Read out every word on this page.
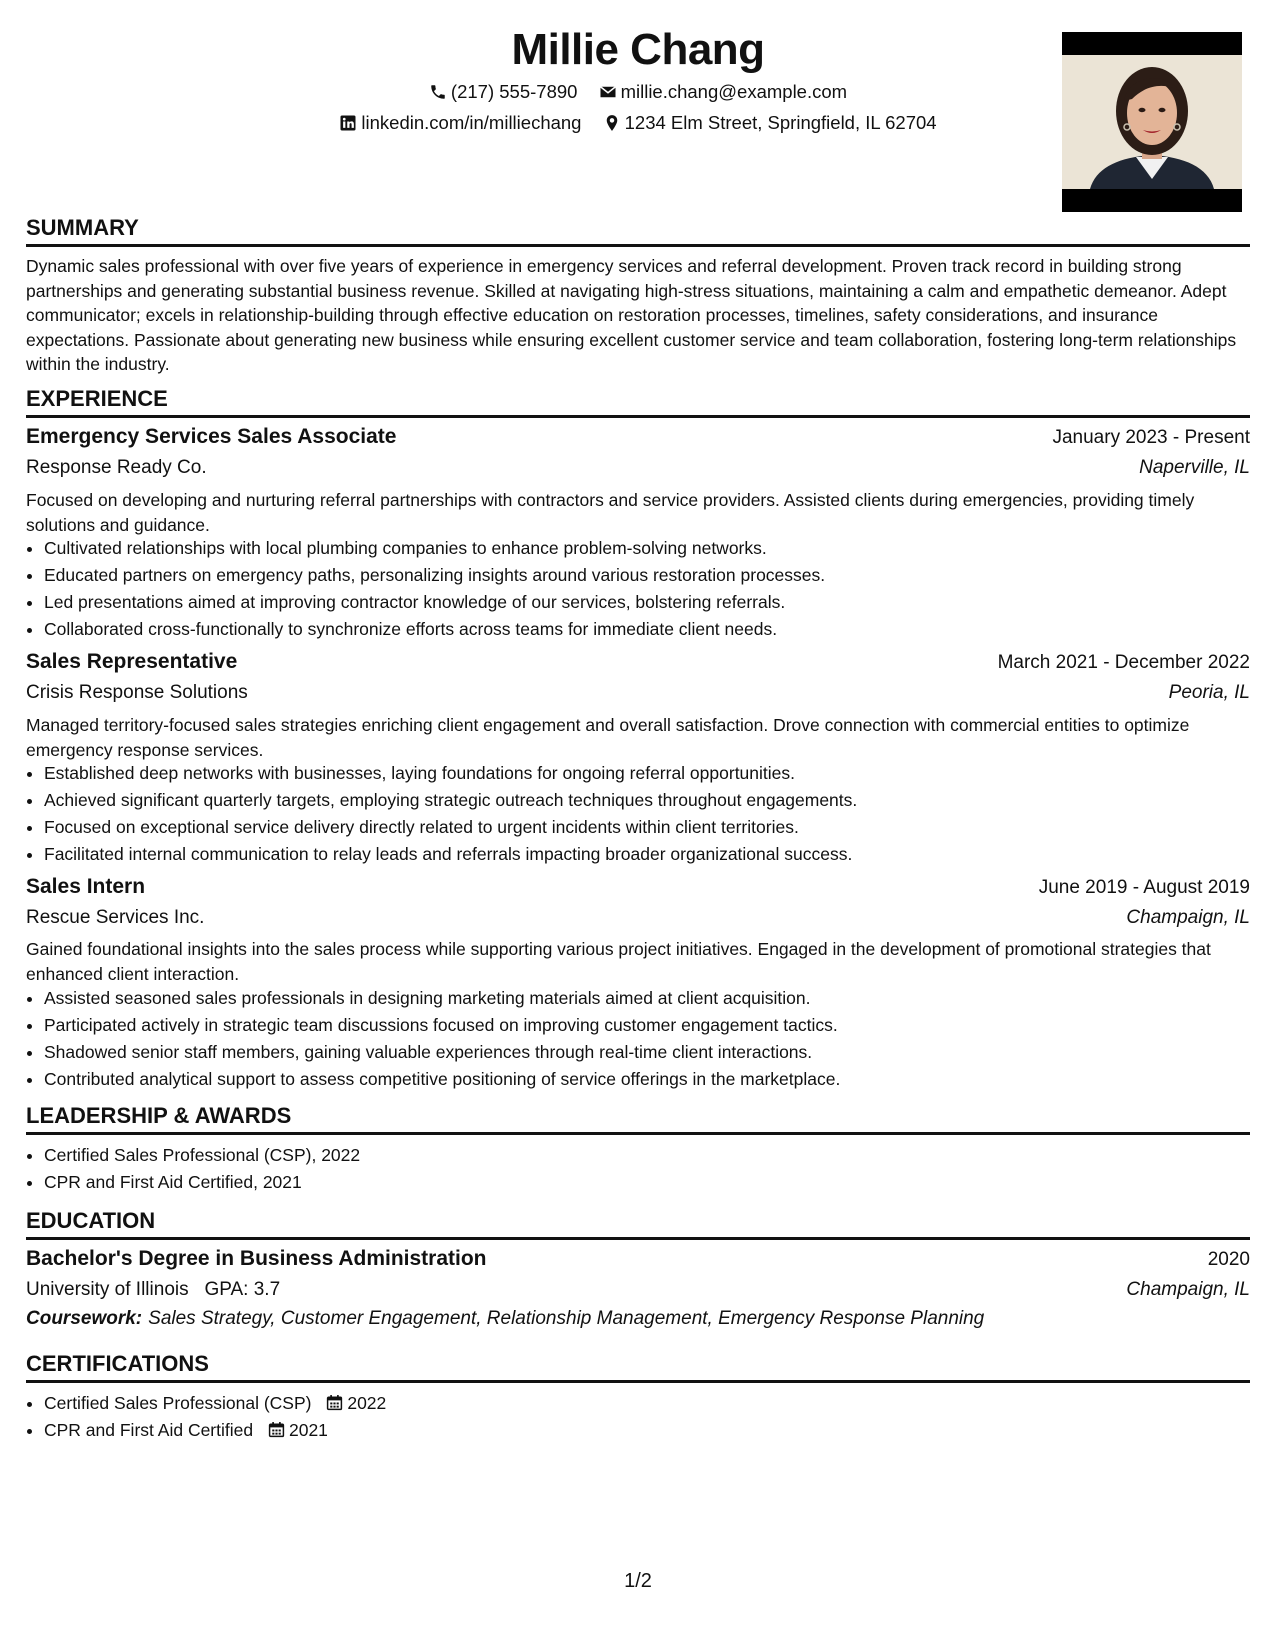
Millie Chang
(217) 555-7890
millie.chang@example.com
linkedin.com/in/milliechang
1234 Elm Street, Springfield, IL 62704
SUMMARY
Dynamic sales professional with over five years of experience in emergency services and referral development. Proven track record in building strong partnerships and generating substantial business revenue. Skilled at navigating high-stress situations, maintaining a calm and empathetic demeanor. Adept communicator; excels in relationship-building through effective education on restoration processes, timelines, safety considerations, and insurance expectations. Passionate about generating new business while ensuring excellent customer service and team collaboration, fostering long-term relationships within the industry.
EXPERIENCE
Emergency Services Sales Associate	January 2023 - Present
Response Ready Co.	Naperville, IL
Focused on developing and nurturing referral partnerships with contractors and service providers. Assisted clients during emergencies, providing timely solutions and guidance.
• Cultivated relationships with local plumbing companies to enhance problem-solving networks.
• Educated partners on emergency paths, personalizing insights around various restoration processes.
• Led presentations aimed at improving contractor knowledge of our services, bolstering referrals.
• Collaborated cross-functionally to synchronize efforts across teams for immediate client needs.
Sales Representative	March 2021 - December 2022
Crisis Response Solutions	Peoria, IL
Managed territory-focused sales strategies enriching client engagement and overall satisfaction. Drove connection with commercial entities to optimize emergency response services.
• Established deep networks with businesses, laying foundations for ongoing referral opportunities.
• Achieved significant quarterly targets, employing strategic outreach techniques throughout engagements.
• Focused on exceptional service delivery directly related to urgent incidents within client territories.
• Facilitated internal communication to relay leads and referrals impacting broader organizational success.
Sales Intern	June 2019 - August 2019
Rescue Services Inc.	Champaign, IL
Gained foundational insights into the sales process while supporting various project initiatives. Engaged in the development of promotional strategies that enhanced client interaction.
• Assisted seasoned sales professionals in designing marketing materials aimed at client acquisition.
• Participated actively in strategic team discussions focused on improving customer engagement tactics.
• Shadowed senior staff members, gaining valuable experiences through real-time client interactions.
• Contributed analytical support to assess competitive positioning of service offerings in the marketplace.
LEADERSHIP & AWARDS
• Certified Sales Professional (CSP), 2022
• CPR and First Aid Certified, 2021
EDUCATION
Bachelor's Degree in Business Administration	2020
University of Illinois GPA: 3.7	Champaign, IL
Coursework: Sales Strategy, Customer Engagement, Relationship Management, Emergency Response Planning
CERTIFICATIONS
• Certified Sales Professional (CSP) 2022
• CPR and First Aid Certified 2021
1/2
